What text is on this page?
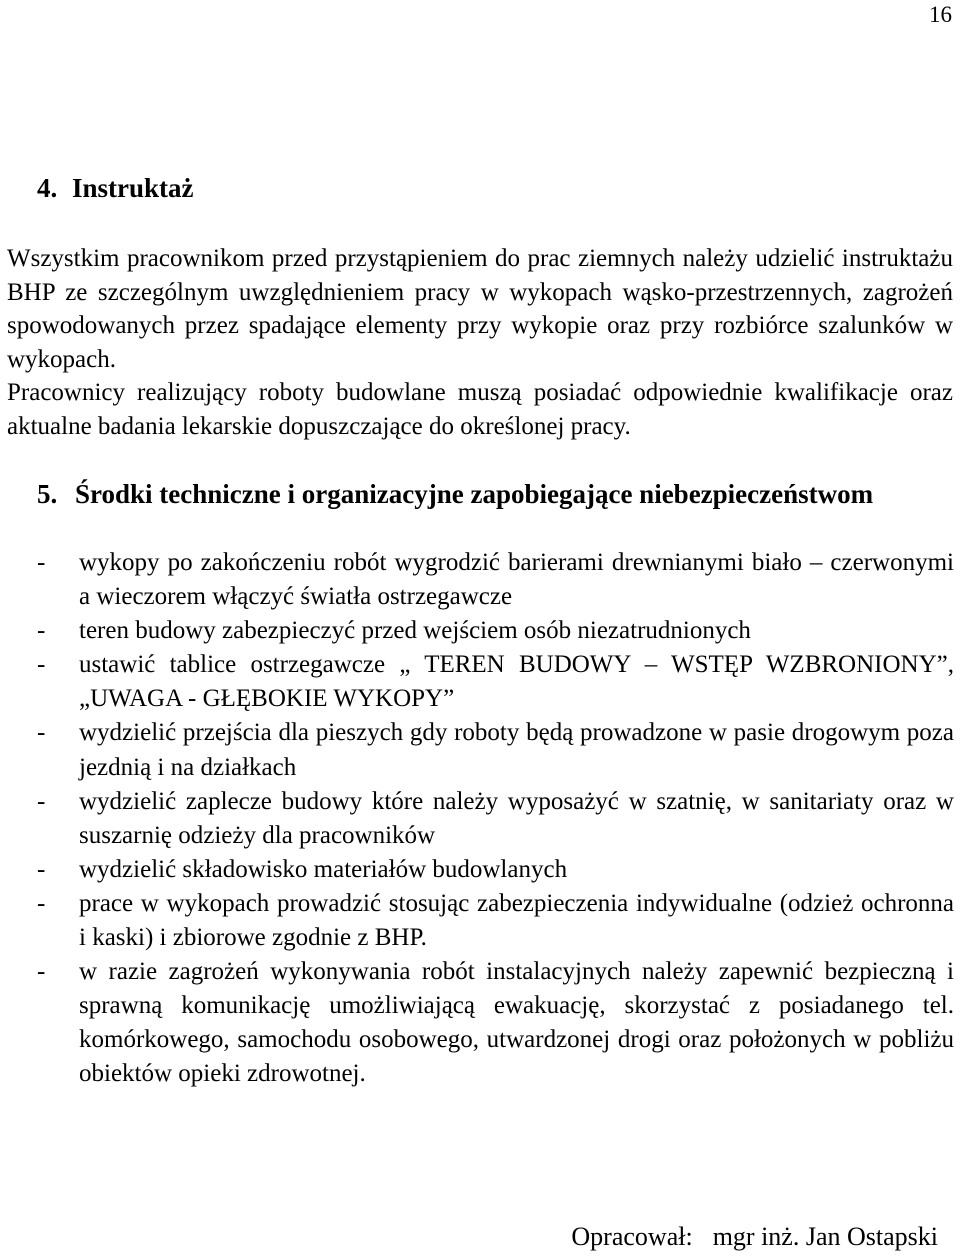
16
4. Instruktaż

Wszystkim pracownikom przed przystąpieniem do prac ziemnych należy udzielić instruktażu BHP ze szczególnym uwzględnieniem pracy w wykopach wąsko-przestrzennych, zagrożeń spowodowanych przez spadające elementy przy wykopie oraz przy rozbiórce szalunków w wykopach.

Pracownicy realizujący roboty budowlane muszą posiadać odpowiednie kwalifikacje oraz aktualne badania lekarskie dopuszczające do określonej pracy.

5. Środki techniczne i organizacyjne zapobiegające niebezpieczeństwom
- wykopy po zakończeniu robót wygrodzić barierami drewnianymi biało – czerwonymi a wieczorem włączyć światła ostrzegawcze
- teren budowy zabezpieczyć przed wejściem osób niezatrudnionych
- ustawić tablice ostrzegawcze „ TEREN BUDOWY – WSTĘP WZBRONIONY”, „UWAGA - GŁĘBOKIE WYKOPY”
- wydzielić przejścia dla pieszych gdy roboty będą prowadzone w pasie drogowym poza jezdnią i na działkach
- wydzielić zaplecze budowy które należy wyposażyć w szatnię, w sanitariaty oraz w suszarnię odzieży dla pracowników
- wydzielić składowisko materiałów budowlanych
- prace w wykopach prowadzić stosując zabezpieczenia indywidualne (odzież ochronna i kaski) i zbiorowe zgodnie z BHP.
- w razie zagrożeń wykonywania robót instalacyjnych należy zapewnić bezpieczną i sprawną komunikację umożliwiającą ewakuację, skorzystać z posiadanego tel. komórkowego, samochodu osobowego, utwardzonej drogi oraz położonych w pobliżu obiektów opieki zdrowotnej.
Opracował: mgr inż. Jan Ostapski
